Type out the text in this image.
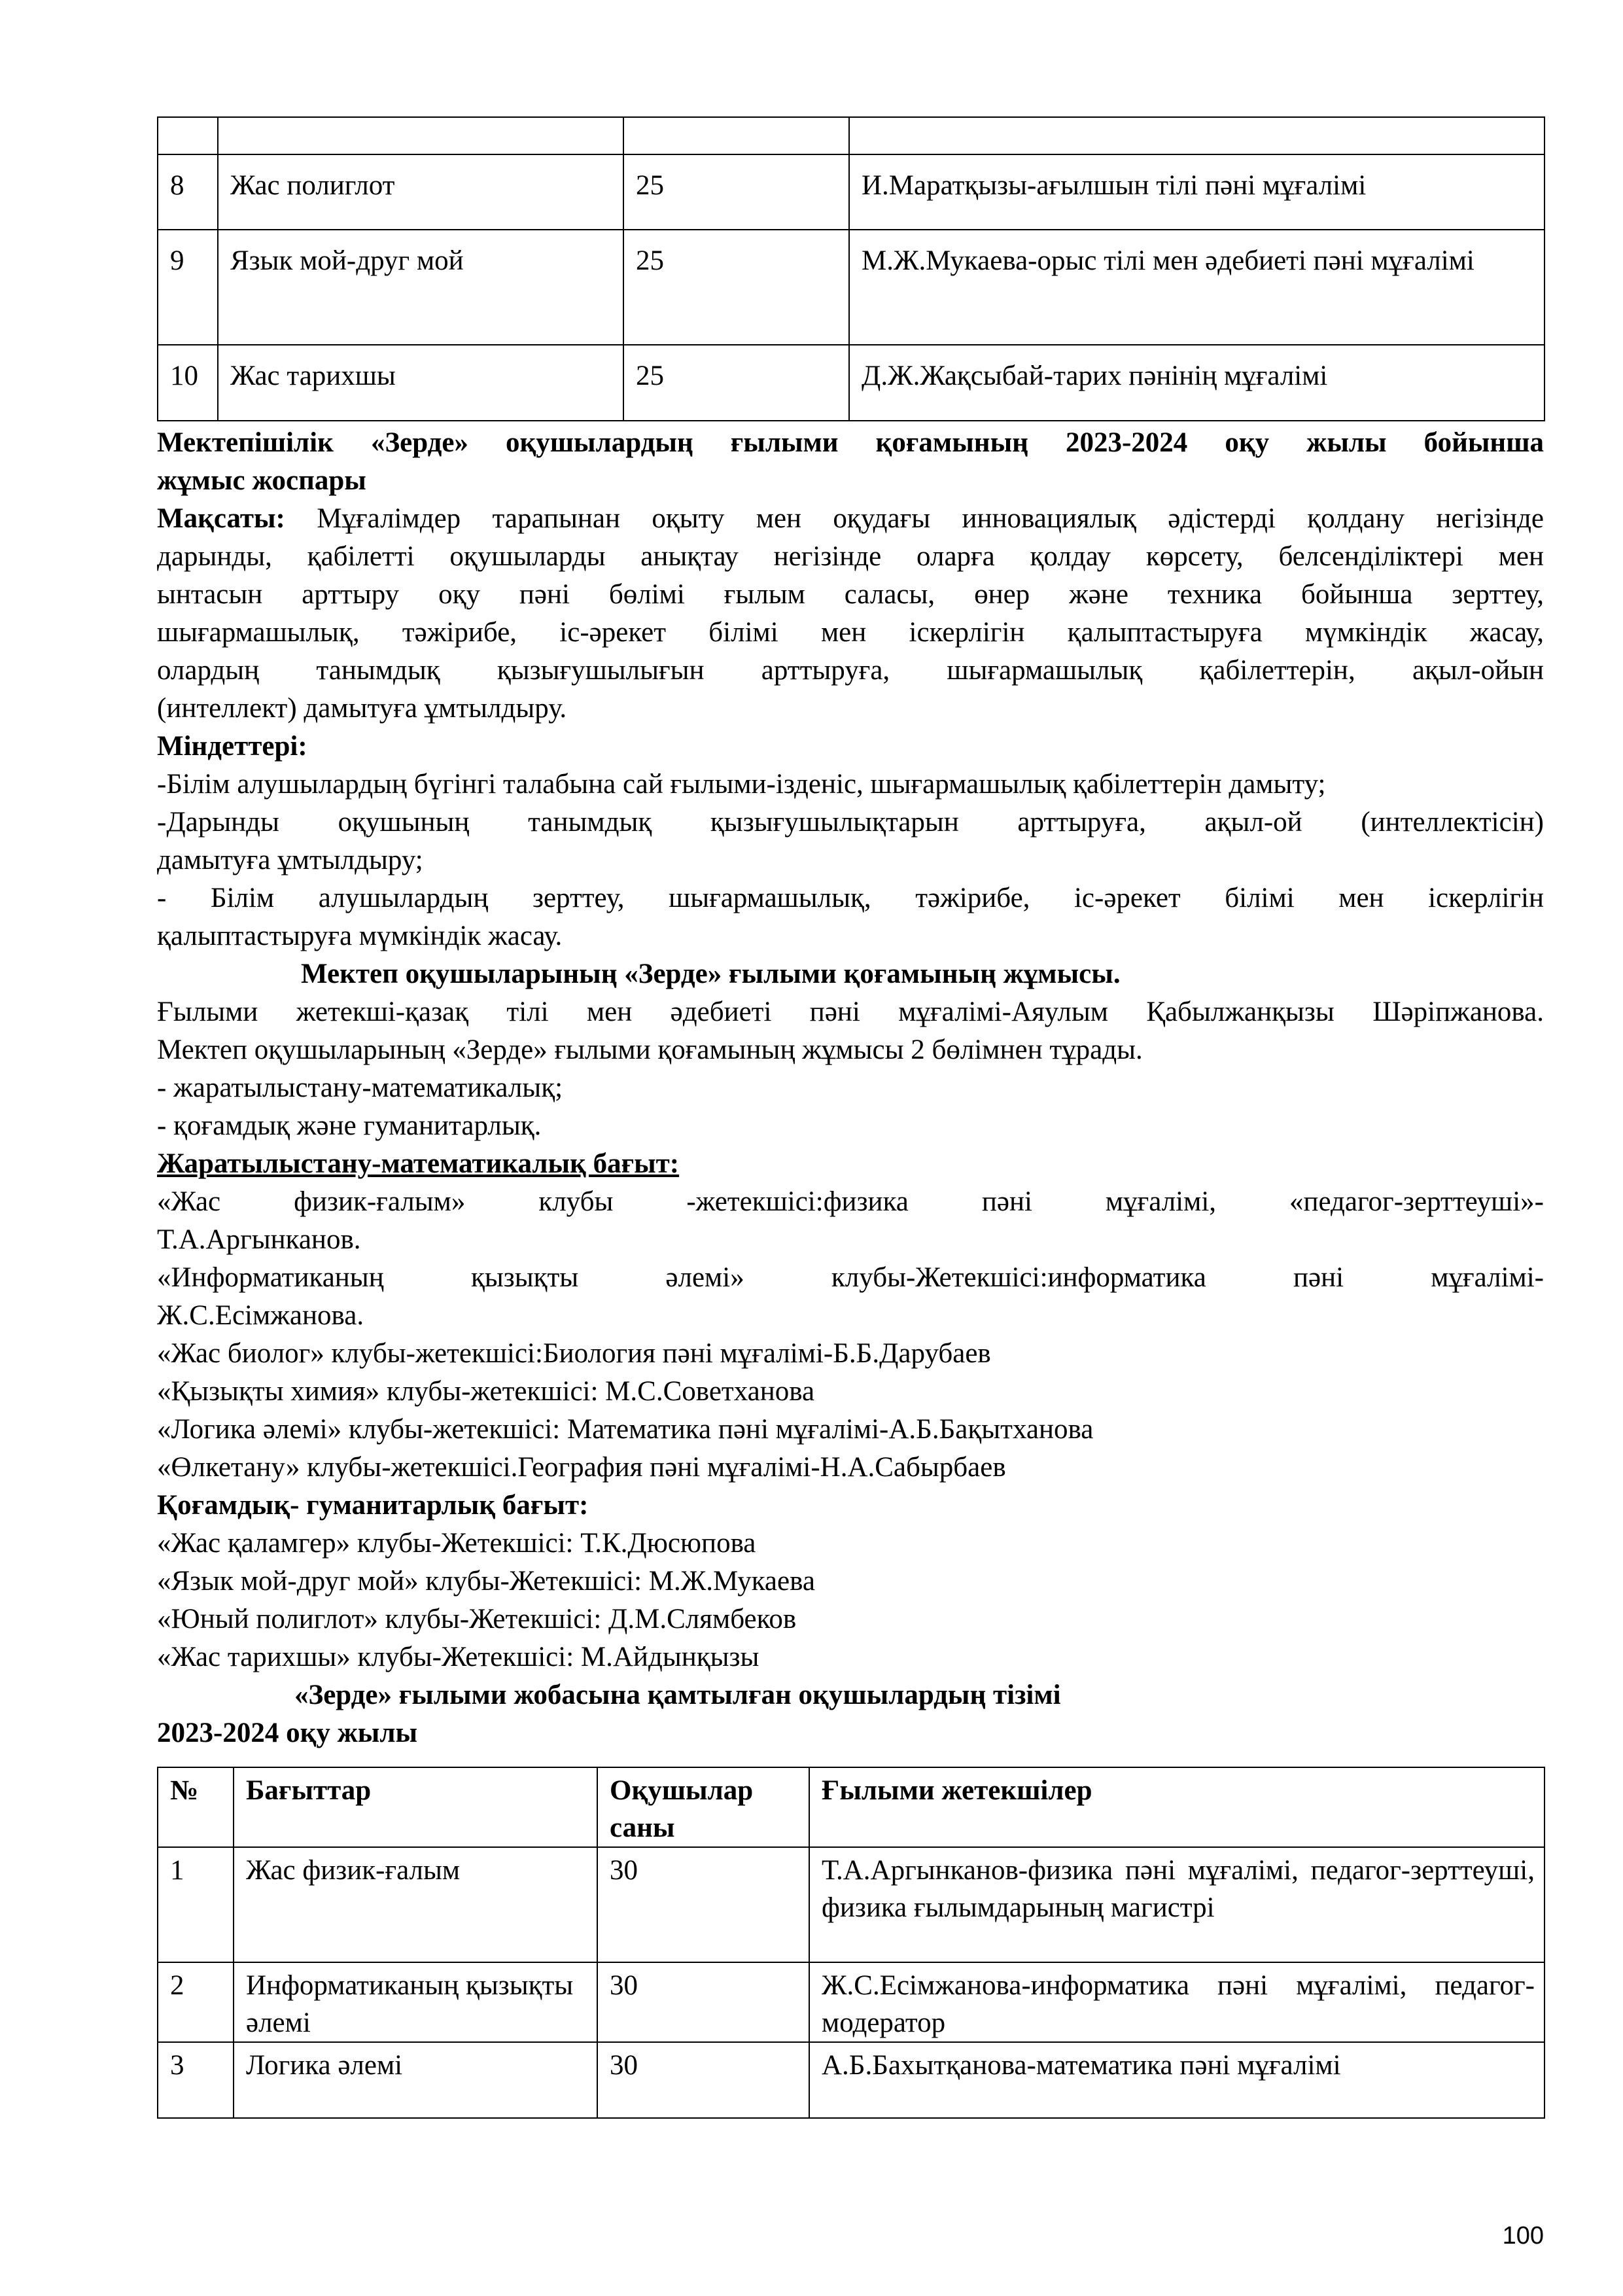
8	Жас полиглот	25	И.Маратқызы-ағылшын тілі пәні мұғалімі
9	Язык мой-друг мой	25	М.Ж.Мукаева-орыс тілі мен әдебиеті пәні мұғалімі
10	Жас тарихшы	25	Д.Ж.Жақсыбай-тарих пәнінің мұғалімі
Мектепішілік «Зерде» оқушылардың ғылыми қоғамының 2023-2024 оқу жылы бойынша
жұмыс жоспары
Мақсаты: Мұғалімдер тарапынан оқыту мен оқудағы инновациялық әдістерді қолдану негізінде
дарынды, қабілетті оқушыларды анықтау негізінде оларға қолдау көрсету, белсенділіктері мен
ынтасын арттыру оқу пәні бөлімі ғылым саласы, өнер және техника бойынша зерттеу,
шығармашылық, тәжірибе, іс-әрекет білімі мен іскерлігін қалыптастыруға мүмкіндік жасау,
олардың танымдық қызығушылығын арттыруға, шығармашылық қабілеттерін, ақыл-ойын
(интеллект) дамытуға ұмтылдыру.
Міндеттері:
-Білім алушылардың бүгінгі талабына сай ғылыми-ізденіс, шығармашылық қабілеттерін дамыту;
-Дарынды оқушының танымдық қызығушылықтарын арттыруға, ақыл-ой (интеллектісін)
дамытуға ұмтылдыру;
- Білім алушылардың зерттеу, шығармашылық, тәжірибе, іс-әрекет білімі мен іскерлігін
қалыптастыруға мүмкіндік жасау.
Мектеп оқушыларының «Зерде» ғылыми қоғамының жұмысы.
Ғылыми жетекші-қазақ тілі мен әдебиеті пәні мұғалімі-Аяулым Қабылжанқызы Шәріпжанова.
Мектеп оқушыларының «Зерде» ғылыми қоғамының жұмысы 2 бөлімнен тұрады.
- жаратылыстану-математикалық;
- қоғамдық және гуманитарлық.
Жаратылыстану-математикалық бағыт:
«Жас физик-ғалым» клубы -жетекшісі:физика пәні мұғалімі, «педагог-зерттеуші»-
Т.А.Аргынканов.
«Информатиканың қызықты әлемі» клубы-Жетекшісі:информатика пәні мұғалімі-
Ж.С.Есімжанова.
«Жас биолог» клубы-жетекшісі:Биология пәні мұғалімі-Б.Б.Дарубаев
«Қызықты химия» клубы-жетекшісі: М.С.Советханова
«Логика әлемі» клубы-жетекшісі: Математика пәні мұғалімі-А.Б.Бақытханова
«Өлкетану» клубы-жетекшісі.География пәні мұғалімі-Н.А.Сабырбаев
Қоғамдық- гуманитарлық бағыт:
«Жас қаламгер» клубы-Жетекшісі: Т.К.Дюсюпова
«Язык мой-друг мой» клубы-Жетекшісі: М.Ж.Мукаева
«Юный полиглот» клубы-Жетекшісі: Д.М.Слямбеков
«Жас тарихшы» клубы-Жетекшісі: М.Айдынқызы
«Зерде» ғылыми жобасына қамтылған оқушылардың тізімі
2023-2024 оқу жылы
№	Бағыттар	Оқушылар саны	Ғылыми жетекшілер
1	Жас физик-ғалым	30	Т.А.Аргынканов-физика пәні мұғалімі, педагог-зерттеуші, физика ғылымдарының магистрі
2	Информатиканың қызықты әлемі	30	Ж.С.Есімжанова-информатика пәні мұғалімі, педагог-модератор
3	Логика әлемі	30	А.Б.Бахытқанова-математика пәні мұғалімі
100
